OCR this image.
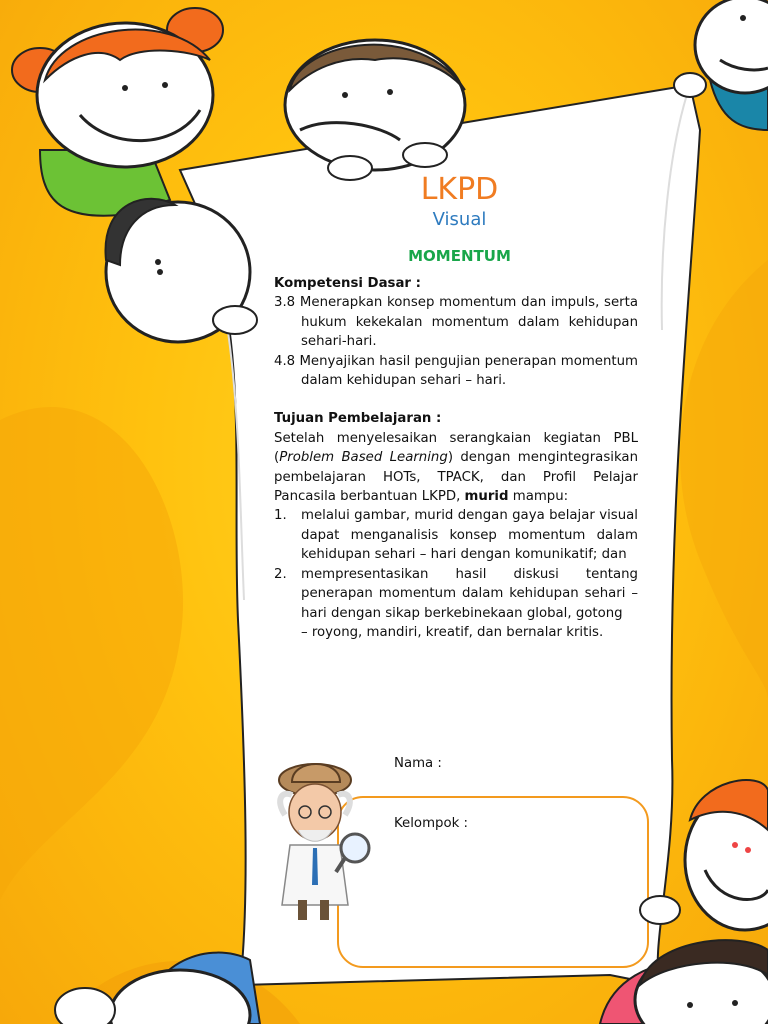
LKPD
Visual
MOMENTUM
Kompetensi Dasar :
3.8 Menerapkan konsep momentum dan impuls, serta hukum kekekalan momentum dalam kehidupan sehari-hari.
4.8 Menyajikan hasil pengujian penerapan momentum dalam kehidupan sehari – hari.
Tujuan Pembelajaran :
Setelah menyelesaikan serangkaian kegiatan PBL (Problem Based Learning) dengan mengintegrasikan pembelajaran HOTs, TPACK, dan Profil Pelajar Pancasila berbantuan LKPD, murid mampu:
1.	melalui gambar, murid dengan gaya belajar visual dapat menganalisis konsep momentum dalam kehidupan sehari – hari dengan komunikatif; dan
2.	mempresentasikan hasil diskusi tentang penerapan momentum dalam kehidupan sehari – hari dengan sikap berkebinekaan global, gotong
– royong, mandiri, kreatif, dan bernalar kritis.
Nama :
Kelompok :
